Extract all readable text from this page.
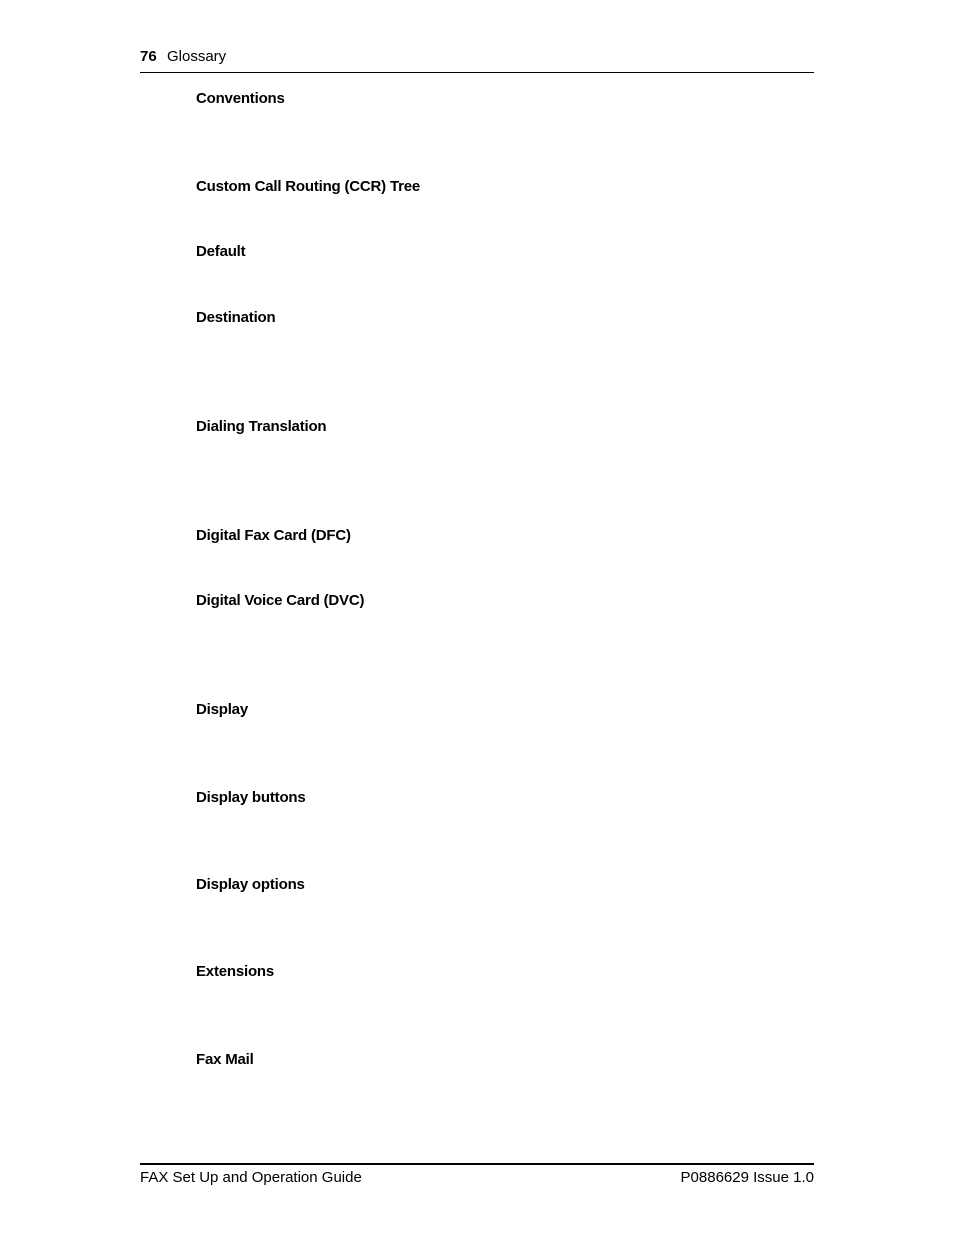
76 Glossary
Conventions
Custom Call Routing (CCR) Tree
Default
Destination
Dialing Translation
Digital Fax Card (DFC)
Digital Voice Card (DVC)
Display
Display buttons
Display options
Extensions
Fax Mail
FAX Set Up and Operation Guide	P0886629 Issue 1.0
